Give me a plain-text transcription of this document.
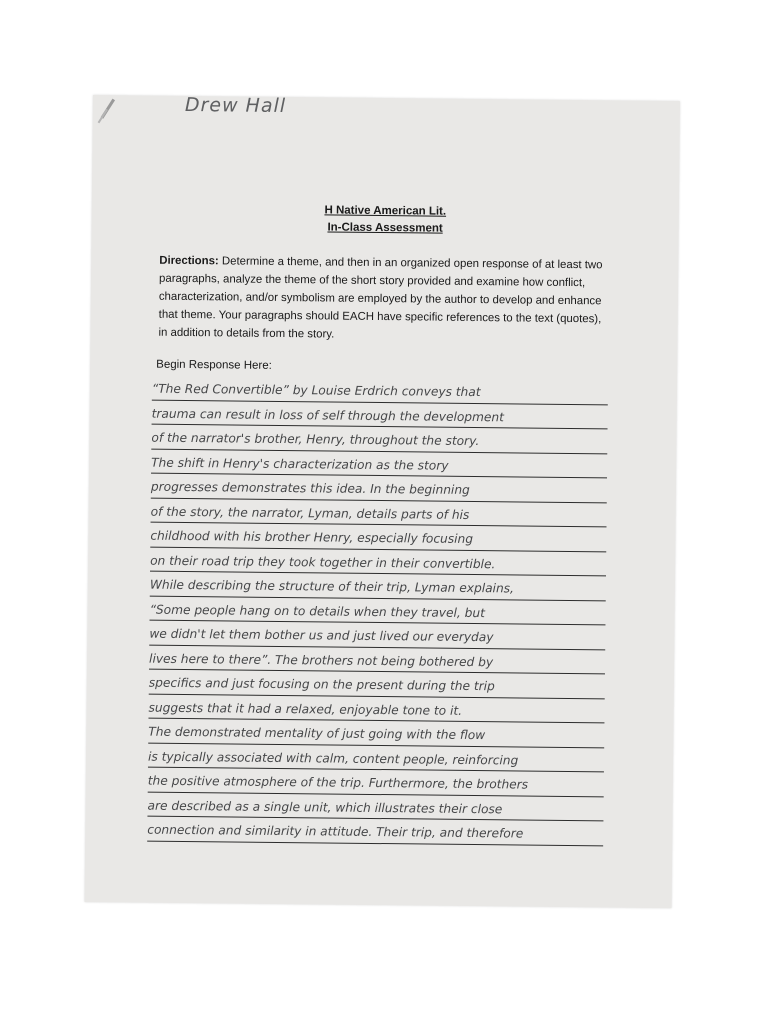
Drew Hall
H Native American Lit.
In-Class Assessment
Directions: Determine a theme, and then in an organized open response of at least two paragraphs, analyze the theme of the short story provided and examine how conflict, characterization, and/or symbolism are employed by the author to develop and enhance that theme. Your paragraphs should EACH have specific references to the text (quotes), in addition to details from the story.
Begin Response Here:
“The Red Convertible” by Louise Erdrich conveys that
trauma can result in loss of self through the development
of the narrator's brother, Henry, throughout the story.
The shift in Henry's characterization as the story
progresses demonstrates this idea. In the beginning
of the story, the narrator, Lyman, details parts of his
childhood with his brother Henry, especially focusing
on their road trip they took together in their convertible.
While describing the structure of their trip, Lyman explains,
“Some people hang on to details when they travel, but
we didn't let them bother us and just lived our everyday
lives here to there”. The brothers not being bothered by
specifics and just focusing on the present during the trip
suggests that it had a relaxed, enjoyable tone to it.
The demonstrated mentality of just going with the flow
is typically associated with calm, content people, reinforcing
the positive atmosphere of the trip. Furthermore, the brothers
are described as a single unit, which illustrates their close
connection and similarity in attitude. Their trip, and therefore
